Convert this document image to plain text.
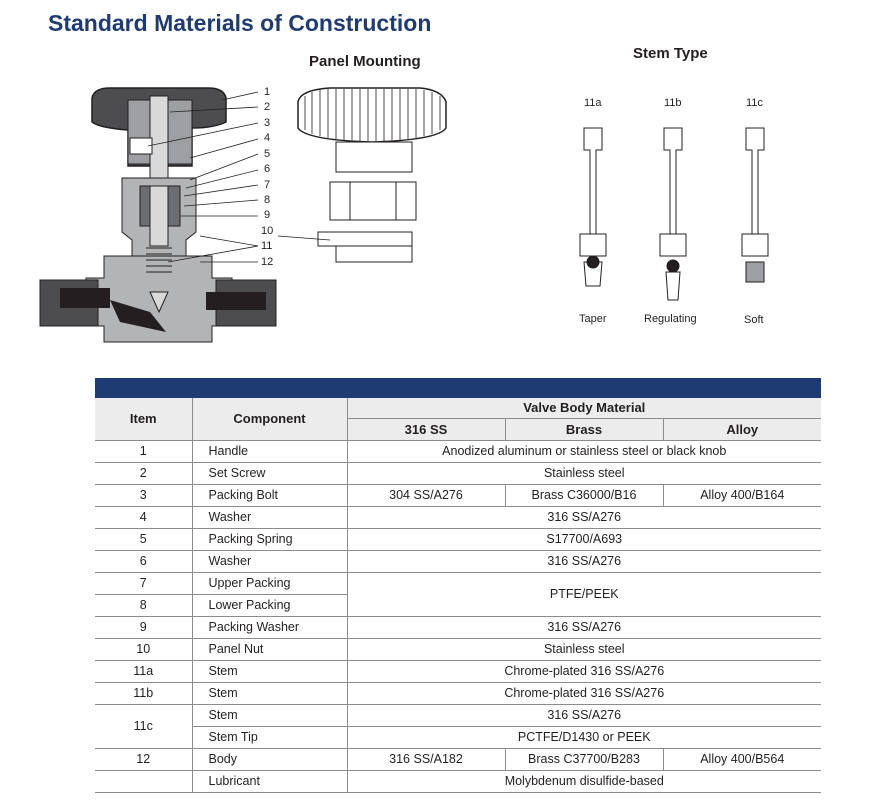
Standard Materials of Construction
1
2
3
4
5
6
7
8
9
10
11
12
Panel Mounting	Stem Type
11a	11b	11c
Taper	Regulating	Soft
Item	Component	Valve Body Material		
		316 SS	Brass	Alloy
1	Handle	Anodized aluminum or stainless steel or black knob		
2	Set Screw	Stainless steel		
3	Packing Bolt	304 SS/A276	Brass C36000/B16	Alloy 400/B164
4	Washer	316 SS/A276		
5	Packing Spring	S17700/A693		
6	Washer	316 SS/A276		
7	Upper Packing	PTFE/PEEK		
8	Lower Packing			
9	Packing Washer	316 SS/A276		
10	Panel Nut	Stainless steel		
11a	Stem	Chrome-plated 316 SS/A276		
11b	Stem	Chrome-plated 316 SS/A276		
11c	Stem	316 SS/A276		
	Stem Tip	PCTFE/D1430 or PEEK		
12	Body	316 SS/A182	Brass C37700/B283	Alloy 400/B564
	Lubricant	Molybdenum disulfide-based		
